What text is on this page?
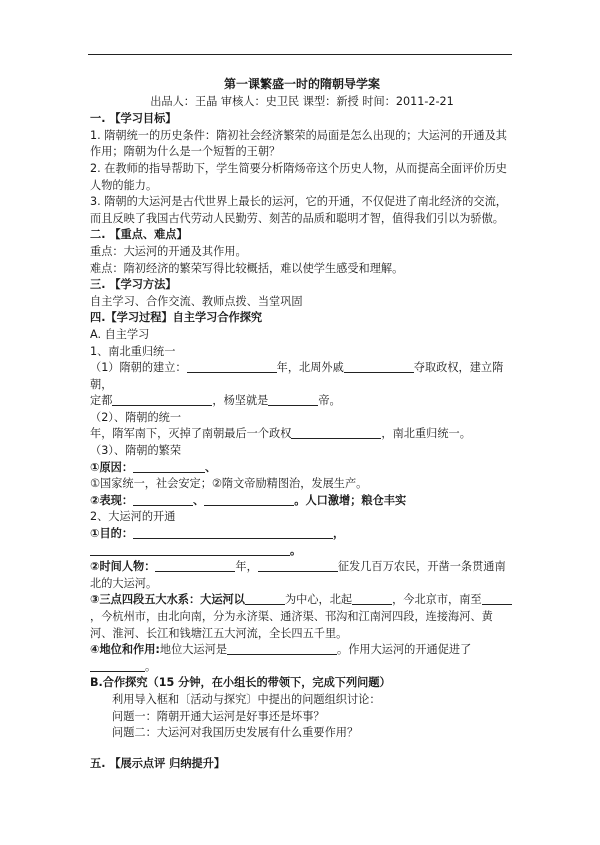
第一课繁盛一时的隋朝导学案

出品人：王晶 审核人：史卫民 课型：新授 时间：2011-2-21

一. 【学习目标】

1. 隋朝统一的历史条件：隋初社会经济繁荣的局面是怎么出现的；大运河的开通及其作用；隋朝为什么是一个短暂的王朝？

2. 在教师的指导帮助下，学生简要分析隋炀帝这个历史人物，从而提高全面评价历史人物的能力。

3. 隋朝的大运河是古代世界上最长的运河，它的开通，不仅促进了南北经济的交流，而且反映了我国古代劳动人民勤劳、刻苦的品质和聪明才智，值得我们引以为骄傲。

二. 【重点、难点】

重点：大运河的开通及其作用。

难点：隋初经济的繁荣写得比较概括，难以使学生感受和理解。

三. 【学习方法】

自主学习、合作交流、教师点拨、当堂巩固

四.【学习过程】自主学习合作探究

A. 自主学习

1、南北重归统一

（1）隋朝的建立：	年，北周外戚	夺取政权，建立隋朝，

定都	，杨坚就是	帝。

（2）、隋朝的统一

年，隋军南下，灭掉了南朝最后一个政权	，南北重归统一。

（3）、隋朝的繁荣

①原因：	、

①国家统一，社会安定；②隋文帝励精图治，发展生产。

②表现：	、	。人口激增；粮仓丰实

2、大运河的开通

①目的：	，。

②时间人物：	年，	征发几百万农民，开凿一条贯通南北的大运河。

③三点四段五大水系：大运河以	为中心，北起	，今北京市，南至，今杭州市，由北向南，分为永济渠、通济渠、邗沟和江南河四段，连接海河、黄河、淮河、长江和钱塘江五大河流，全长四五千里。

④地位和作用:地位大运河是	。作用大运河的开通促进了。

B.合作探究（15 分钟，在小组长的带领下，完成下列问题）

利用导入框和〔活动与探究〕中提出的问题组织讨论：

问题一：隋朝开通大运河是好事还是坏事？

问题二：大运河对我国历史发展有什么重要作用？

五. 【展示点评 归纳提升】
